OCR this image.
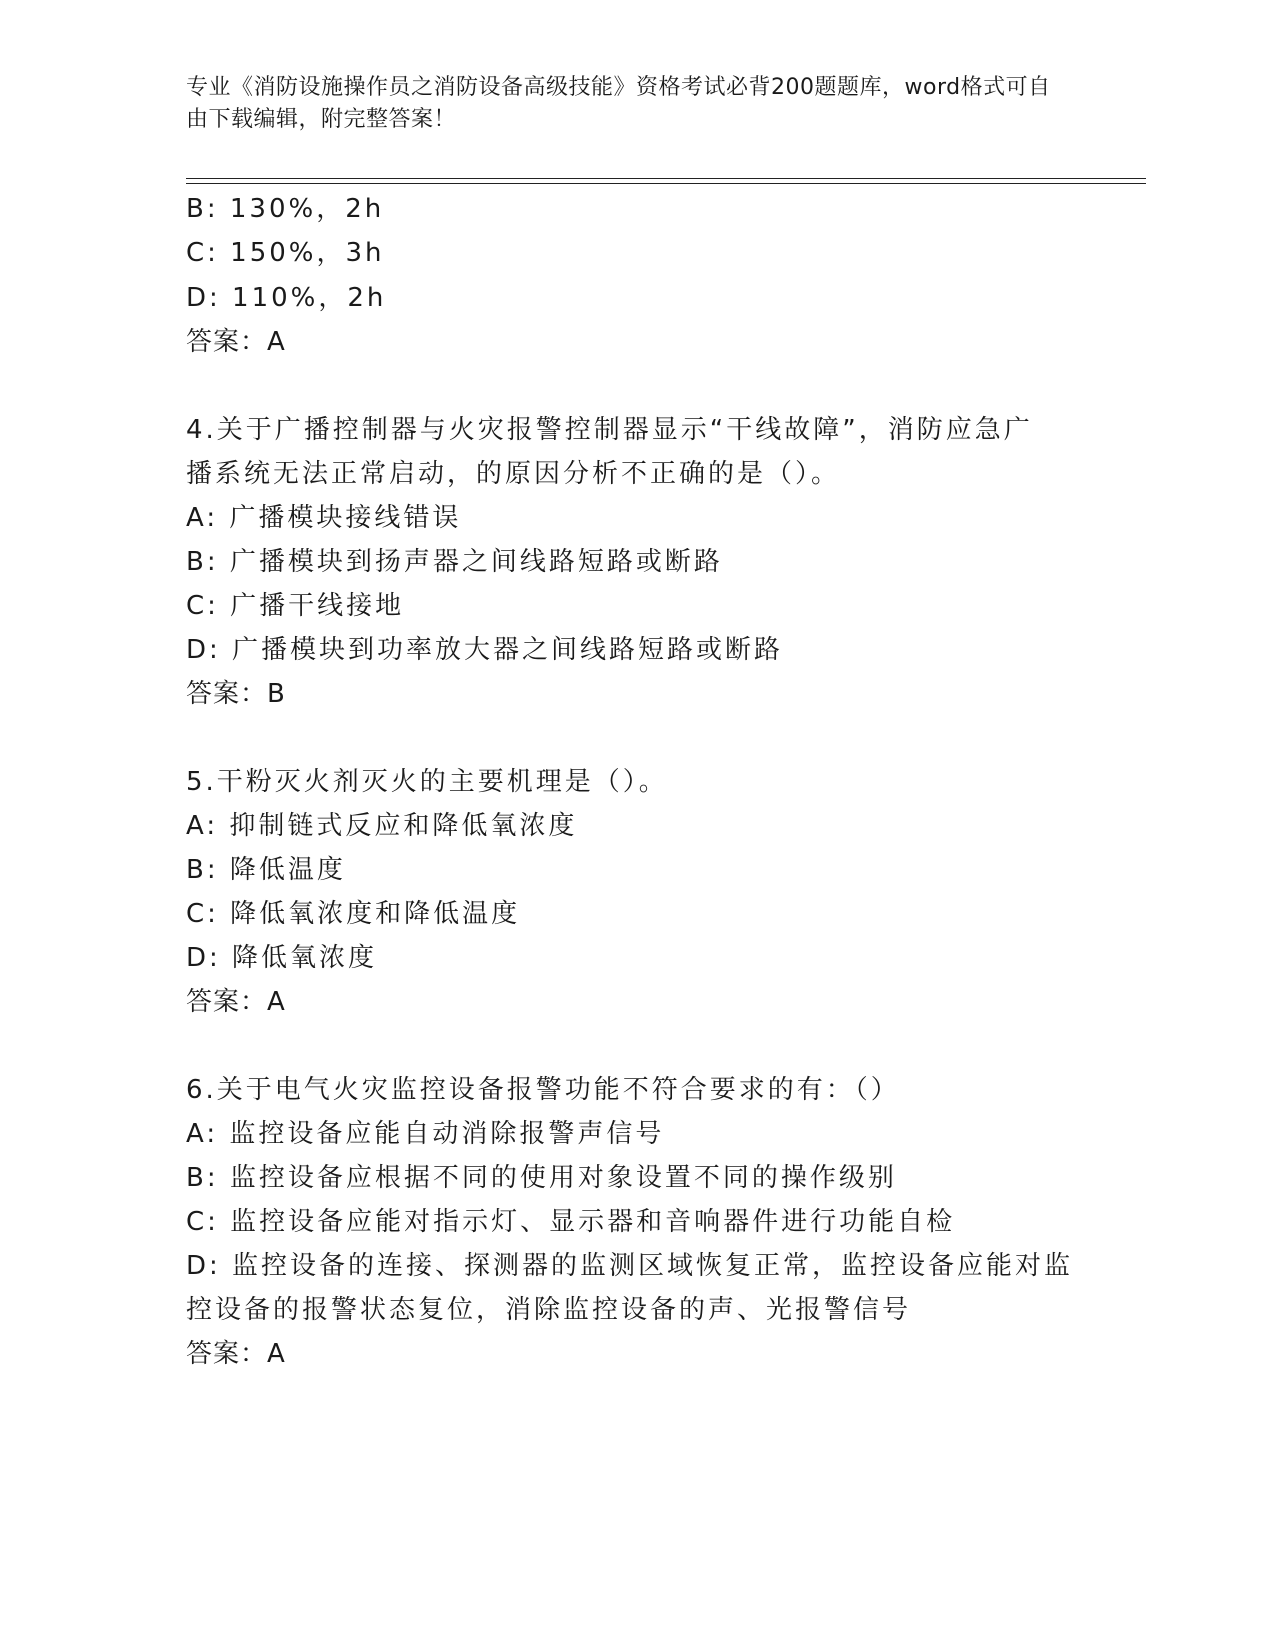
专业《消防设施操作员之消防设备高级技能》资格考试必背200题题库，word格式可自由下载编辑，附完整答案！
B: 130%，2h
C: 150%，3h
D: 110%，2h
答案：A
4.关于广播控制器与火灾报警控制器显示“干线故障”，消防应急广
播系统无法正常启动，的原因分析不正确的是（）。
A: 广播模块接线错误
B: 广播模块到扬声器之间线路短路或断路
C: 广播干线接地
D: 广播模块到功率放大器之间线路短路或断路
答案：B
5.干粉灭火剂灭火的主要机理是（）。
A: 抑制链式反应和降低氧浓度
B: 降低温度
C: 降低氧浓度和降低温度
D: 降低氧浓度
答案：A
6.关于电气火灾监控设备报警功能不符合要求的有：（）
A: 监控设备应能自动消除报警声信号
B: 监控设备应根据不同的使用对象设置不同的操作级别
C: 监控设备应能对指示灯、显示器和音响器件进行功能自检
D: 监控设备的连接、探测器的监测区域恢复正常，监控设备应能对监
控设备的报警状态复位，消除监控设备的声、光报警信号
答案：A
